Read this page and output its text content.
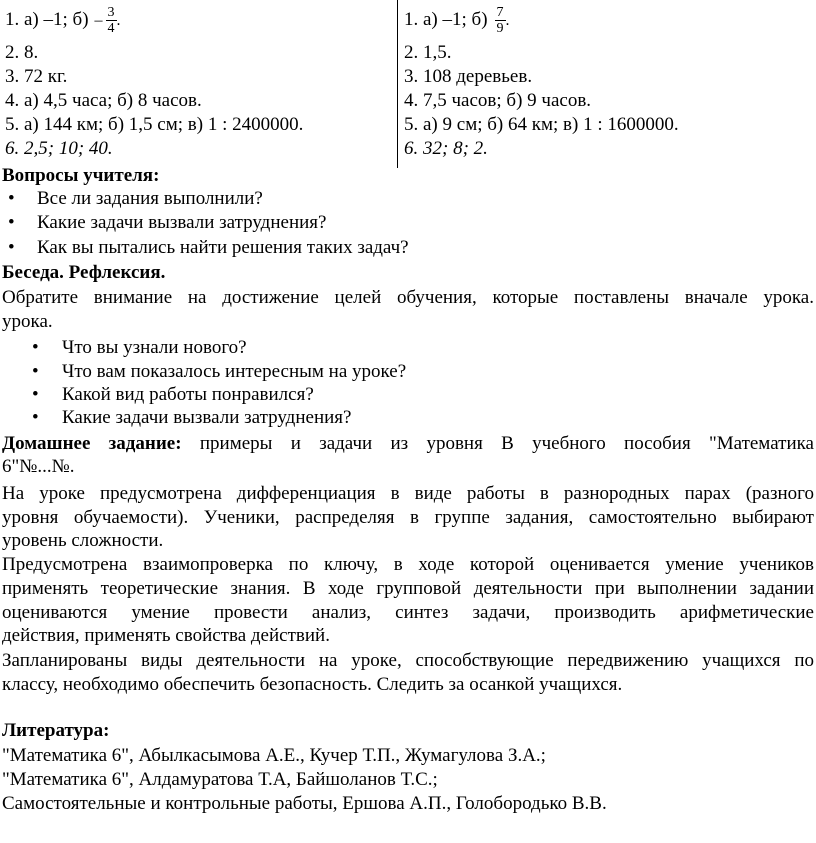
1. а) –1; $б) - \frac{3}{4}$ .
2. 8.
3. 72 кг.
4. а) 4,5 часа; б) 8 часов.
5. а) 144 км; б) 1,5 см; в) 1 : 2400000.
6. 2,5; 10; 40.
1. а) –1; $б) \frac{7}{9}$ .
2. 1,5.
3. 108 деревьев.
4. 7,5 часов; б) 9 часов.
5. а) 9 см; б) 64 км; в) 1 : 1600000.
6. 32; 8; 2.
Вопросы учителя:
• Все ли задания выполнили?
• Какие задачи вызвали затруднения?
• Как вы пытались найти решения таких задач?
Беседа. Рефлексия.
Обратите внимание на достижение целей обучения, которые поставлены вначале урока.
урока.
• Что вы узнали нового?
• Что вам показалось интересным на уроке?
• Какой вид работы понравился?
• Какие задачи вызвали затруднения?
Домашнее задание: примеры и задачи из уровня В учебного пособия "Математика
6"№...№.
На уроке предусмотрена дифференциация в виде работы в разнородных парах (разного
уровня обучаемости). Ученики, распределяя в группе задания, самостоятельно выбирают
уровень сложности.
Предусмотрена взаимопроверка по ключу, в ходе которой оценивается умение учеников
применять теоретические знания. В ходе групповой деятельности при выполнении задании
оцениваются умение провести анализ, синтез задачи, производить арифметические
действия, применять свойства действий.
Запланированы виды деятельности на уроке, способствующие передвижению учащихся по
классу, необходимо обеспечить безопасность. Следить за осанкой учащихся.
Литература:
"Математика 6", Абылкасымова А.Е., Кучер Т.П., Жумагулова З.А.;
"Математика 6", Алдамуратова Т.А, Байшоланов Т.С.;
Самостоятельные и контрольные работы, Ершова А.П., Голобородько В.В.
